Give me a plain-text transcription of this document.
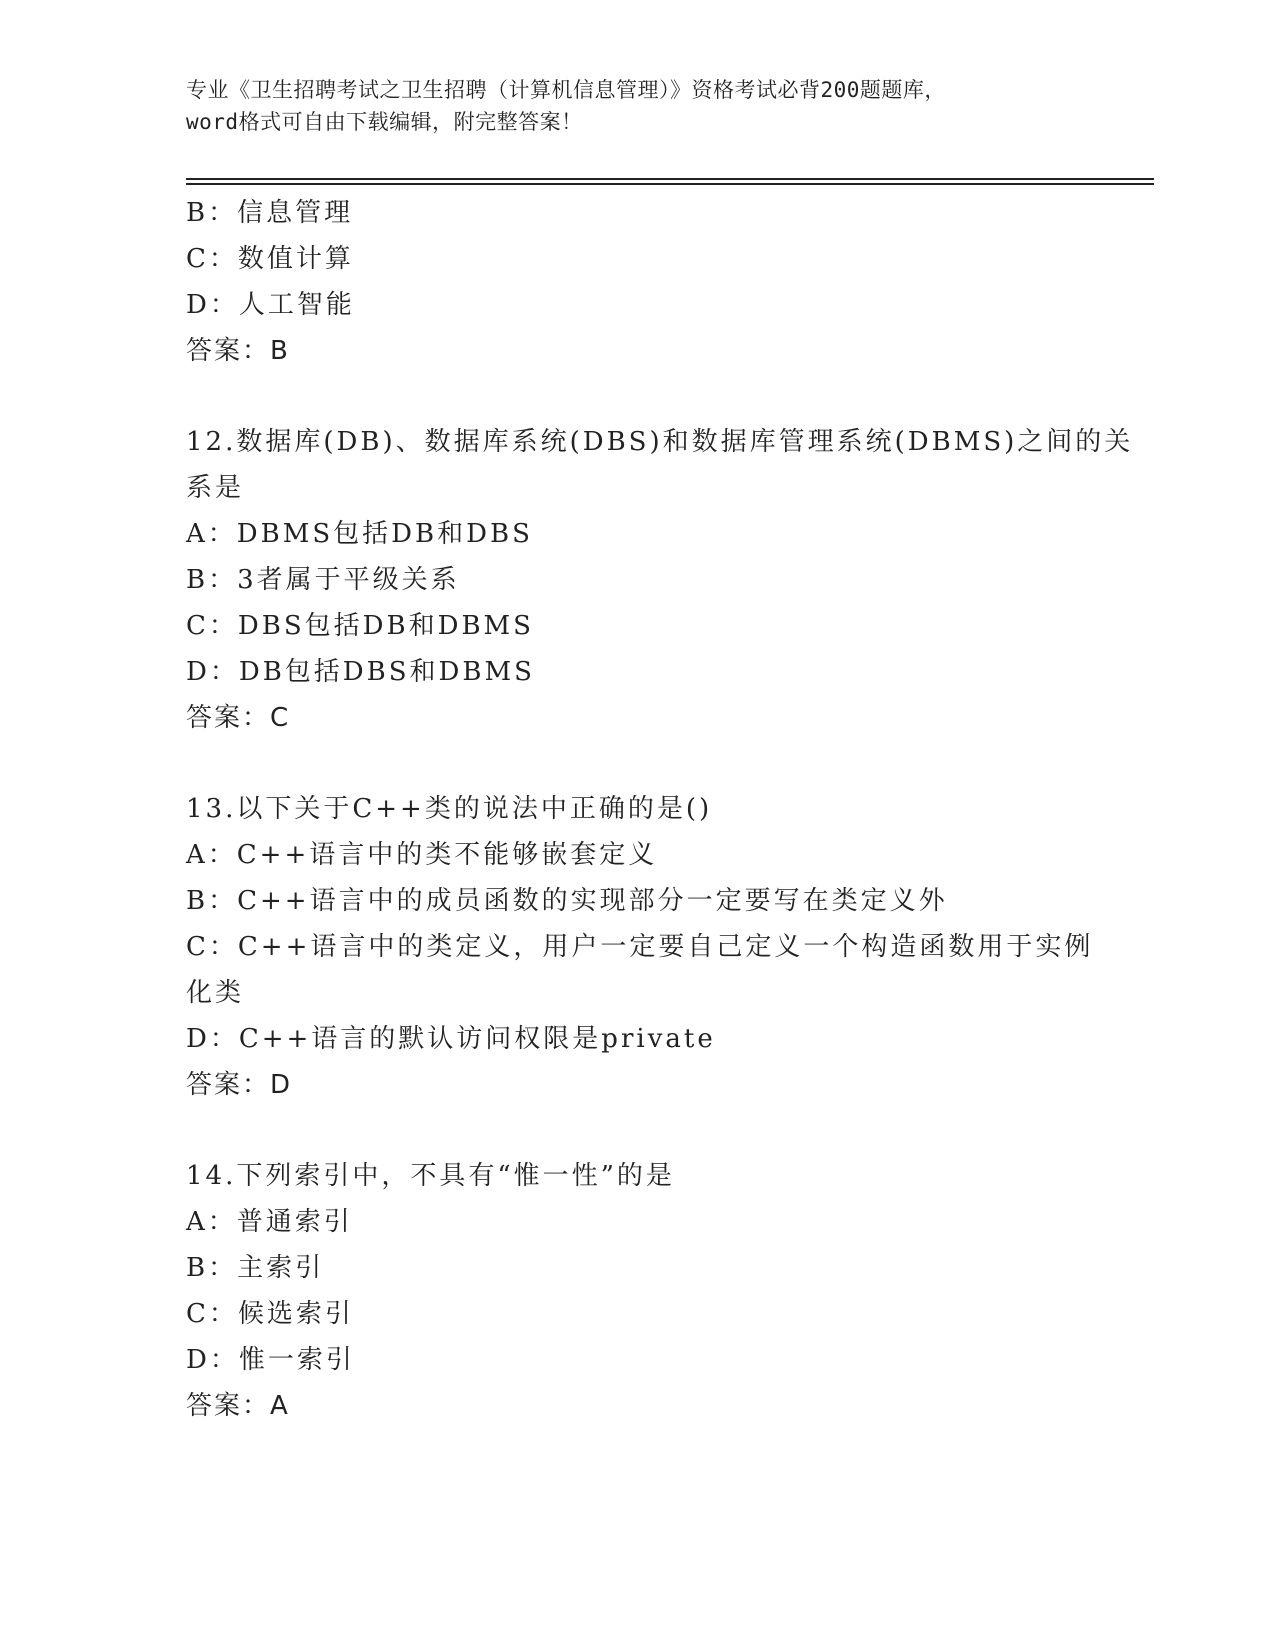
专业《卫生招聘考试之卫生招聘（计算机信息管理）》资格考试必背200题题库，
word格式可自由下载编辑，附完整答案！
B：信息管理
C：数值计算
D：人工智能
答案：B
12.数据库(DB)、数据库系统(DBS)和数据库管理系统(DBMS)之间的关
系是
A：DBMS包括DB和DBS
B：3者属于平级关系
C：DBS包括DB和DBMS
D：DB包括DBS和DBMS
答案：C
13.以下关于C++类的说法中正确的是()
A：C++语言中的类不能够嵌套定义
B：C++语言中的成员函数的实现部分一定要写在类定义外
C：C++语言中的类定义，用户一定要自己定义一个构造函数用于实例
化类
D：C++语言的默认访问权限是private
答案：D
14.下列索引中，不具有“惟一性”的是
A：普通索引
B：主索引
C：候选索引
D：惟一索引
答案：A
